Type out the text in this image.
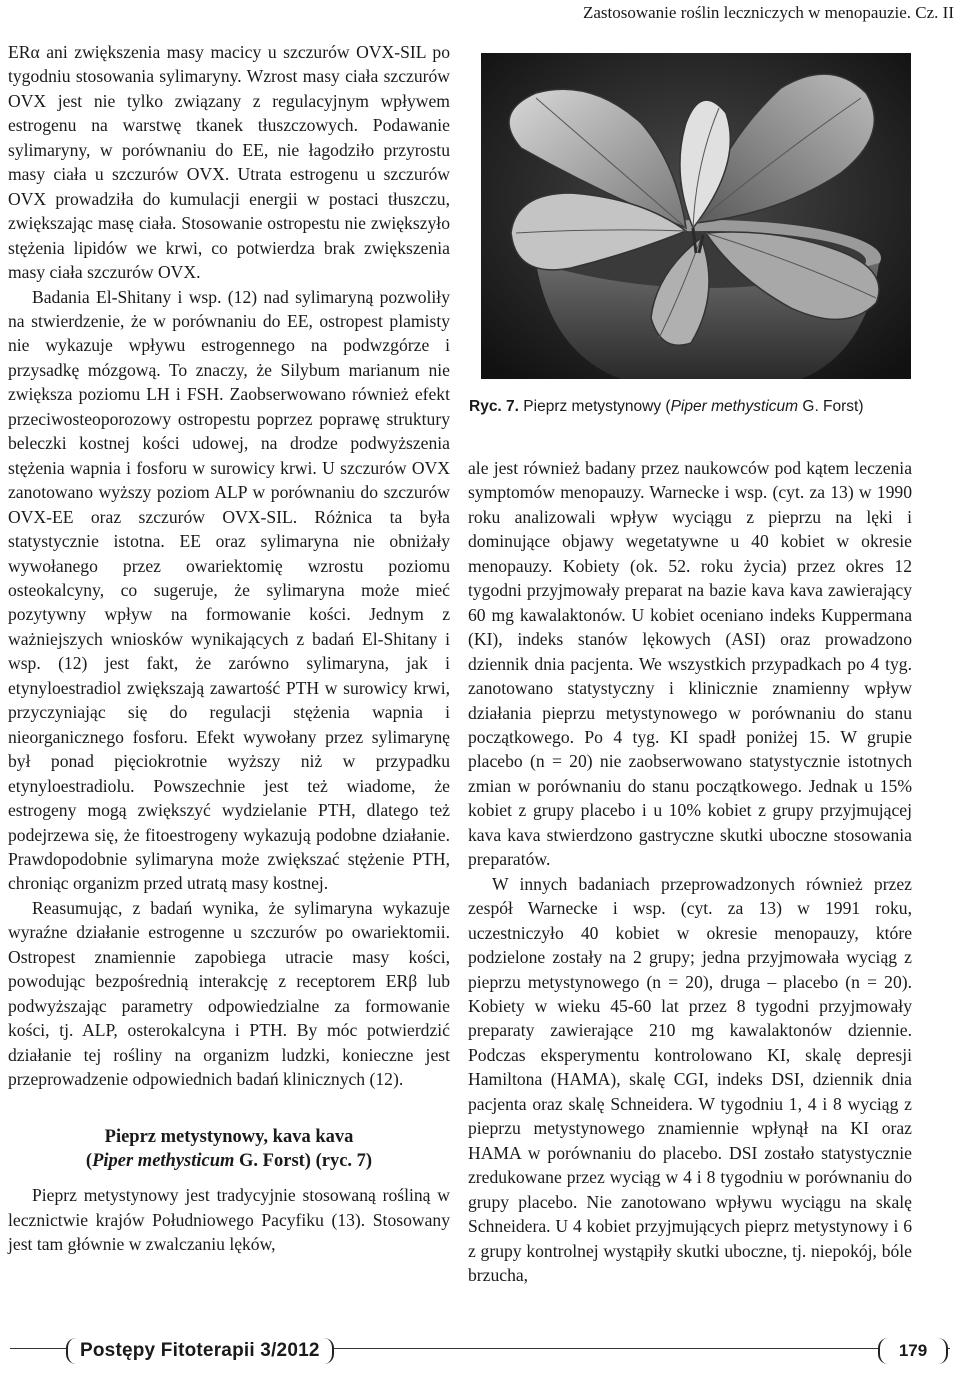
Zastosowanie roślin leczniczych w menopauzie. Cz. II

ERα ani zwiększenia masy macicy u szczurów OVX-SIL po tygodniu stosowania sylimaryny. Wzrost masy ciała szczurów OVX jest nie tylko związany z regulacyjnym wpływem estrogenu na warstwę tkanek tłuszczowych. Podawanie sylimaryny, w porównaniu do EE, nie łagodziło przyrostu masy ciała u szczurów OVX. Utrata estrogenu u szczurów OVX prowadziła do kumulacji energii w postaci tłuszczu, zwiększając masę ciała. Stosowanie ostropestu nie zwiększyło stężenia lipidów we krwi, co potwierdza brak zwiększenia masy ciała szczurów OVX.

Badania El-Shitany i wsp. (12) nad sylimaryną pozwoliły na stwierdzenie, że w porównaniu do EE, ostropest plamisty nie wykazuje wpływu estrogennego na podwzgórze i przysadkę mózgową. To znaczy, że Silybum marianum nie zwiększa poziomu LH i FSH. Zaobserwowano również efekt przeciwosteoporozowy ostropestu poprzez poprawę struktury beleczki kostnej kości udowej, na drodze podwyższenia stężenia wapnia i fosforu w surowicy krwi. U szczurów OVX zanotowano wyższy poziom ALP w porównaniu do szczurów OVX-EE oraz szczurów OVX-SIL. Różnica ta była statystycznie istotna. EE oraz sylimaryna nie obniżały wywołanego przez owariektomię wzrostu poziomu osteokalcyny, co sugeruje, że sylimaryna może mieć pozytywny wpływ na formowanie kości. Jednym z ważniejszych wniosków wynikających z badań El-Shitany i wsp. (12) jest fakt, że zarówno sylimaryna, jak i etynyloestradiol zwiększają zawartość PTH w surowicy krwi, przyczyniając się do regulacji stężenia wapnia i nieorganicznego fosforu. Efekt wywołany przez sylimarynę był ponad pięciokrotnie wyższy niż w przypadku etynyloestradiolu. Powszechnie jest też wiadome, że estrogeny mogą zwiększyć wydzielanie PTH, dlatego też podejrzewa się, że fitoestrogeny wykazują podobne działanie. Prawdopodobnie sylimaryna może zwiększać stężenie PTH, chroniąc organizm przed utratą masy kostnej.

Reasumując, z badań wynika, że sylimaryna wykazuje wyraźne działanie estrogenne u szczurów po owariektomii. Ostropest znamiennie zapobiega utracie masy kości, powodując bezpośrednią interakcję z receptorem ERβ lub podwyższając parametry odpowiedzialne za formowanie kości, tj. ALP, osterokalcyna i PTH. By móc potwierdzić działanie tej rośliny na organizm ludzki, konieczne jest przeprowadzenie odpowiednich badań klinicznych (12).

Pieprz metystynowy, kava kava
(Piper methysticum G. Forst) (ryc. 7)

Pieprz metystynowy jest tradycyjnie stosowaną rośliną w lecznictwie krajów Południowego Pacyfiku (13). Stosowany jest tam głównie w zwalczaniu lęków,

Ryc. 7. Pieprz metystynowy (Piper methysticum G. Forst)

ale jest również badany przez naukowców pod kątem leczenia symptomów menopauzy. Warnecke i wsp. (cyt. za 13) w 1990 roku analizowali wpływ wyciągu z pieprzu na lęki i dominujące objawy wegetatywne u 40 kobiet w okresie menopauzy. Kobiety (ok. 52. roku życia) przez okres 12 tygodni przyjmowały preparat na bazie kava kava zawierający 60 mg kawalaktonów. U kobiet oceniano indeks Kuppermana (KI), indeks stanów lękowych (ASI) oraz prowadzono dziennik dnia pacjenta. We wszystkich przypadkach po 4 tyg. zanotowano statystyczny i klinicznie znamienny wpływ działania pieprzu metystynowego w porównaniu do stanu początkowego. Po 4 tyg. KI spadł poniżej 15. W grupie placebo (n = 20) nie zaobserwowano statystycznie istotnych zmian w porównaniu do stanu początkowego. Jednak u 15% kobiet z grupy placebo i u 10% kobiet z grupy przyjmującej kava kava stwierdzono gastryczne skutki uboczne stosowania preparatów.

W innych badaniach przeprowadzonych również przez zespół Warnecke i wsp. (cyt. za 13) w 1991 roku, uczestniczyło 40 kobiet w okresie menopauzy, które podzielone zostały na 2 grupy; jedna przyjmowała wyciąg z pieprzu metystynowego (n = 20), druga – placebo (n = 20). Kobiety w wieku 45-60 lat przez 8 tygodni przyjmowały preparaty zawierające 210 mg kawalaktonów dziennie. Podczas eksperymentu kontrolowano KI, skalę depresji Hamiltona (HAMA), skalę CGI, indeks DSI, dziennik dnia pacjenta oraz skalę Schneidera. W tygodniu 1, 4 i 8 wyciąg z pieprzu metystynowego znamiennie wpłynął na KI oraz HAMA w porównaniu do placebo. DSI zostało statystycznie zredukowane przez wyciąg w 4 i 8 tygodniu w porównaniu do grupy placebo. Nie zanotowano wpływu wyciągu na skalę Schneidera. U 4 kobiet przyjmujących pieprz metystynowy i 6 z grupy kontrolnej wystąpiły skutki uboczne, tj. niepokój, bóle brzucha,

Postępy Fitoterapii 3/2012	179
